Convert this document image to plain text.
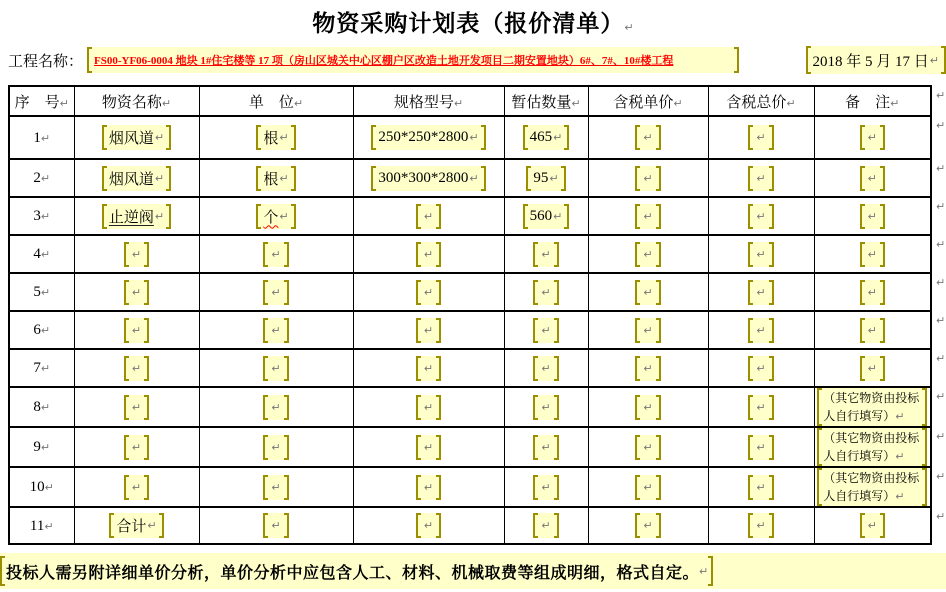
物资采购计划表（报价清单）↵
工程名称： FS00-YF06-0004 地块 1#住宅楼等 17 项（房山区城关中心区棚户区改造土地开发项目二期安置地块）6#、7#、10#楼工程	2018 年 5 月 17 日 ↵
序　号↵	物资名称↵	单　位↵	规格型号↵	暂估数量↵	含税单价↵	含税总价↵	备　注↵
1↵	烟风道 ↵	根 ↵	250*250*2800 ↵	465 ↵	↵	↵	↵

2↵	烟风道 ↵	根 ↵	300*300*2800 ↵	95 ↵	↵	↵	↵

3↵	止逆阀 ↵	个 ↵	↵	560 ↵	↵	↵	↵

4↵	↵	↵	↵	↵	↵	↵	↵

5↵	↵	↵	↵	↵	↵	↵	↵

6↵	↵	↵	↵	↵	↵	↵	↵

7↵	↵	↵	↵	↵	↵	↵	↵

8↵	↵	↵	↵	↵	↵	↵	（其它物资由投标人自行填写）↵

9↵	↵	↵	↵	↵	↵	↵	（其它物资由投标人自行填写）↵

10↵	↵	↵	↵	↵	↵	↵	（其它物资由投标人自行填写）↵

11↵	合计 ↵	↵	↵	↵	↵	↵	↵
↵
↵
↵
↵
↵
↵
↵
↵
↵
↵
↵
↵
投标人需另附详细单价分析，单价分析中应包含人工、材料、机械取费等组成明细，格式自定。 ↵
